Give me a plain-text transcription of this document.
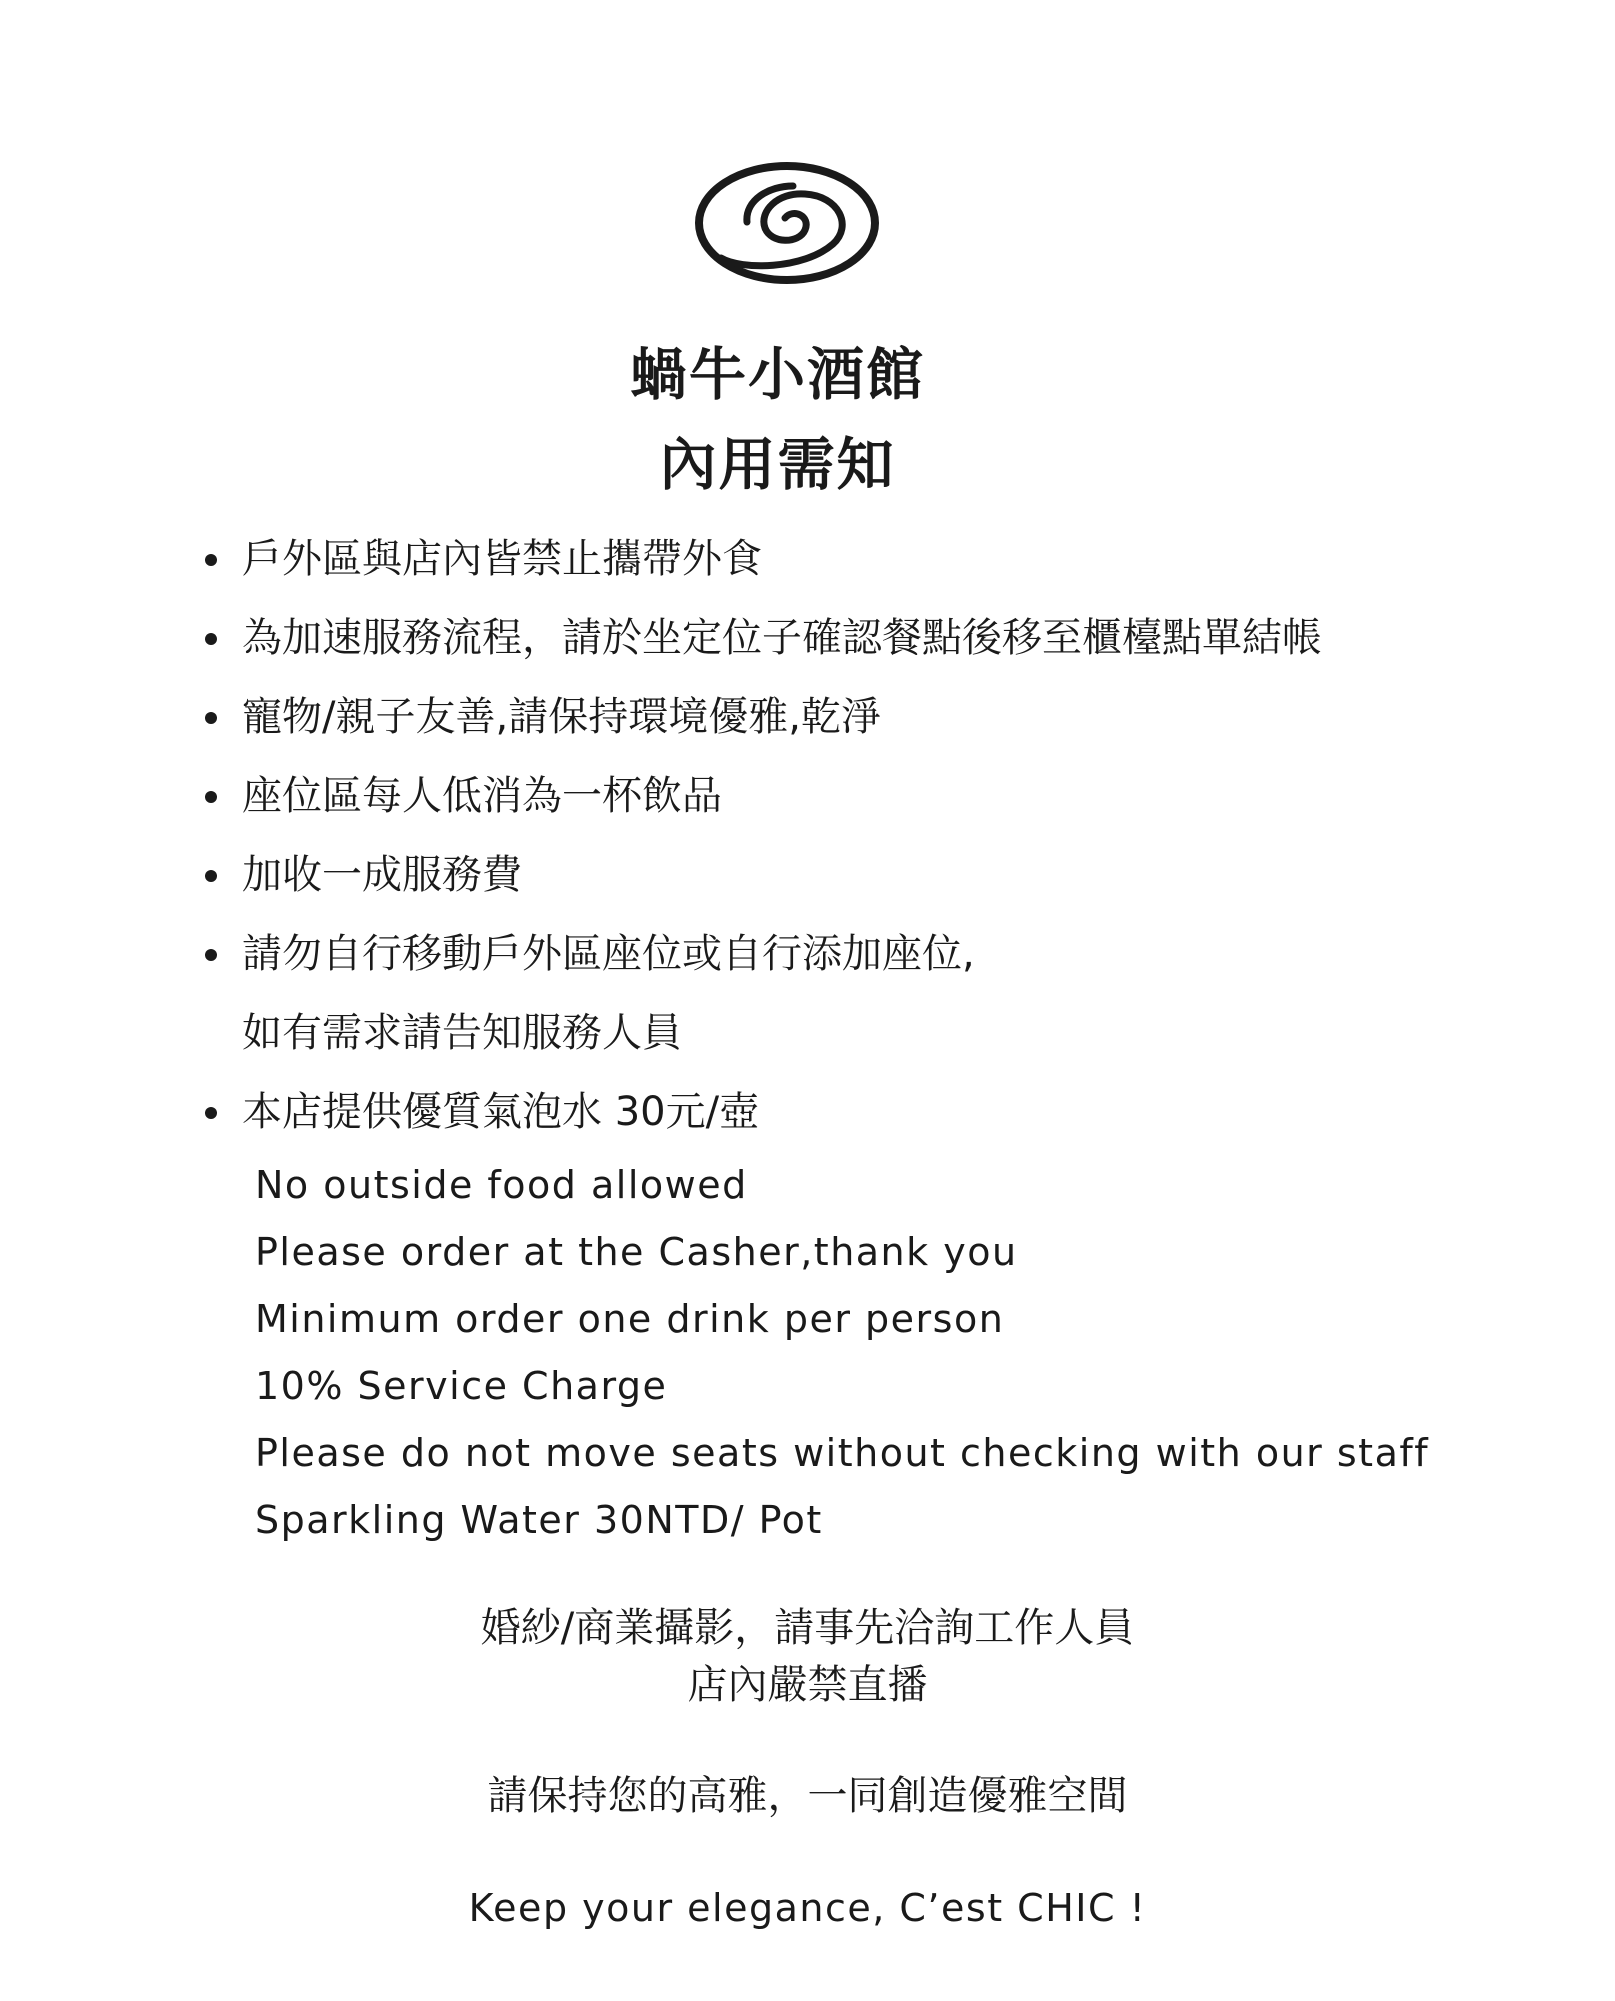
蝸牛小酒館
內用需知
戶外區與店內皆禁止攜帶外食
為加速服務流程，請於坐定位子確認餐點後移至櫃檯點單結帳
寵物/親子友善,請保持環境優雅,乾淨
座位區每人低消為一杯飲品
加收一成服務費
請勿自行移動戶外區座位或自行添加座位,
如有需求請告知服務人員
本店提供優質氣泡水 30元/壺
No outside food allowed
Please order at the Casher,thank you
Minimum order one drink per person
10% Service Charge
Please do not move seats without checking with our staff
Sparkling Water 30NTD/ Pot
婚紗/商業攝影，請事先洽詢工作人員
店內嚴禁直播
請保持您的高雅，一同創造優雅空間
Keep your elegance, C’est CHIC !
